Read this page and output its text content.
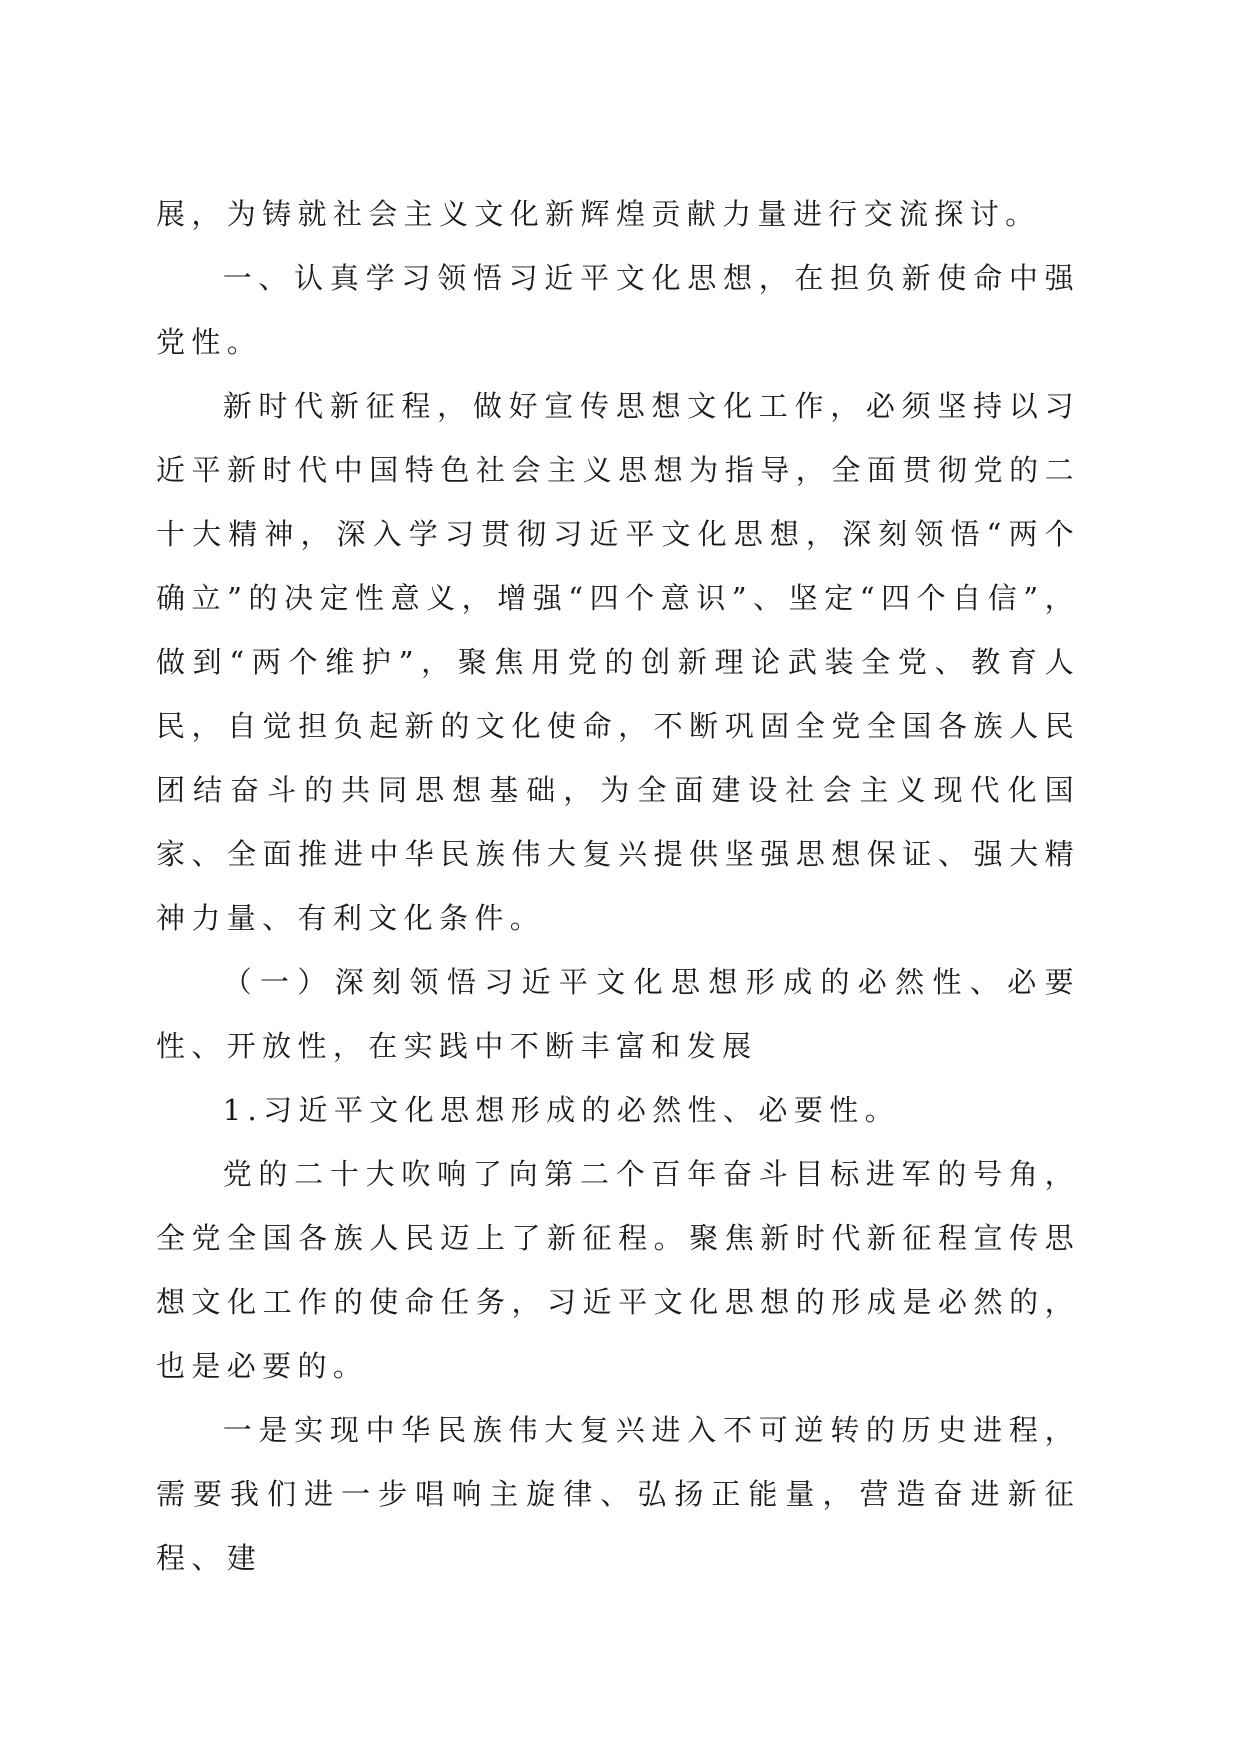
展，为铸就社会主义文化新辉煌贡献力量进行交流探讨。

一、认真学习领悟习近平文化思想，在担负新使命中强党性。

新时代新征程，做好宣传思想文化工作，必须坚持以习近平新时代中国特色社会主义思想为指导，全面贯彻党的二十大精神，深入学习贯彻习近平文化思想，深刻领悟“两个确立”的决定性意义，增强“四个意识”、坚定“四个自信”，做到“两个维护”，聚焦用党的创新理论武装全党、教育人民，自觉担负起新的文化使命，不断巩固全党全国各族人民团结奋斗的共同思想基础，为全面建设社会主义现代化国家、全面推进中华民族伟大复兴提供坚强思想保证、强大精神力量、有利文化条件。

（一）深刻领悟习近平文化思想形成的必然性、必要性、开放性，在实践中不断丰富和发展

1.习近平文化思想形成的必然性、必要性。

党的二十大吹响了向第二个百年奋斗目标进军的号角，全党全国各族人民迈上了新征程。聚焦新时代新征程宣传思想文化工作的使命任务，习近平文化思想的形成是必然的，也是必要的。

一是实现中华民族伟大复兴进入不可逆转的历史进程，需要我们进一步唱响主旋律、弘扬正能量，营造奋进新征程、建
